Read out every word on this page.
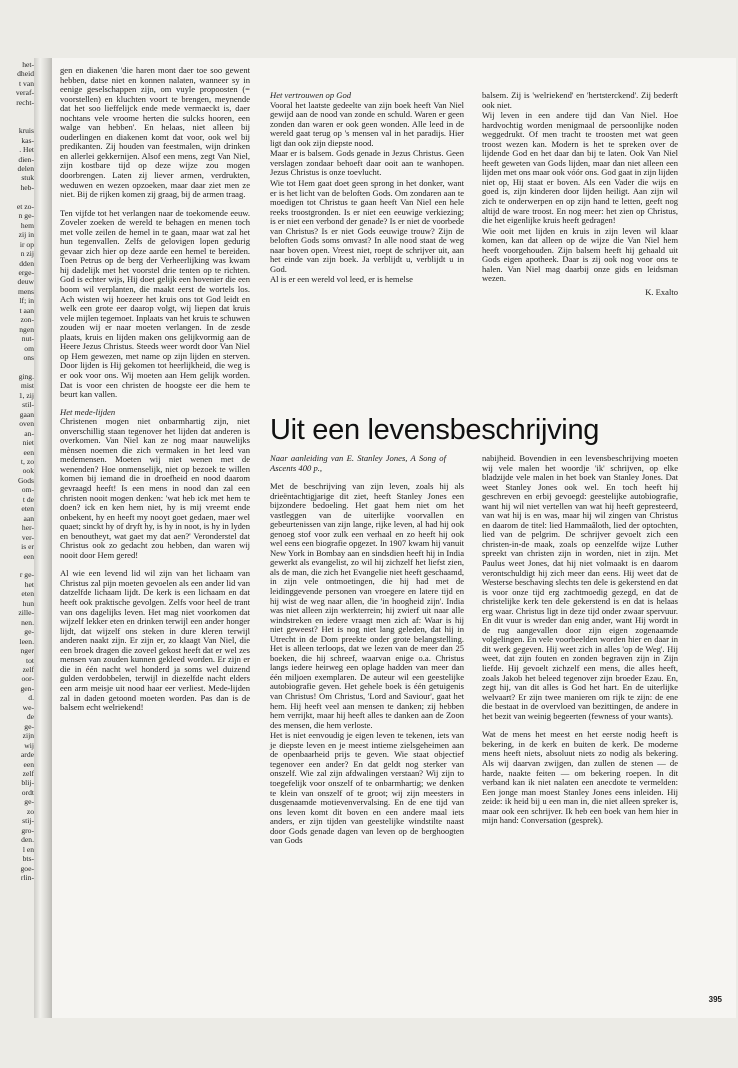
het-
dheid
t van
veraf-
recht-

kruis
kas-
. Het
dien-
delen
stuk
heb-

et zo-
n ge-
hem
zij in
ir op
n zij
dden
erge-
deuw
mens
lf; in
t aan
zon-
ngen
nut-
om
ons

ging.
mist
1, zij
stil-
gaan
oven
an-
niet
een
t, zo
ook
Gods
om-
t de
eten
aan
her-
ver-
is er
een

r ge-
het
eten
hun
zille-
nen.
ge-
leen.
nger
tot
zelf
oor-
gen-
d.
we-
de
ge-
zijn
wij
arde
een
zelf
blij-
ordt
ge-
zo
stij-
gro-
den.
l en
bts-
goe-
rlin-

gen en diakenen 'die haren mont daer toe soo gewent hebben, datse niet en konnen nalaten, wanneer sy in eenige geselschappen zijn, om vuyle propoosten (= voorstellen) en kluchten voort te brengen, meynende dat het soo lieffelijck ende mede vermaeckt is, daer nochtans vele vroome herten die sulcks hooren, een walge van hebben'. En helaas, niet alleen bij ouderlingen en diakenen komt dat voor, ook wel bij predikanten. Zij houden van feestmalen, wijn drinken en allerlei gekkernijen. Alsof een mens, zegt Van Niel, zijn kostbare tijd op deze wijze zou mogen doorbrengen. Laten zij liever armen, verdrukten, weduwen en wezen opzoeken, maar daar ziet men ze niet. Bij de rijken komen zij graag, bij de armen traag.

Ten vijfde tot het verlangen naar de toekomende eeuw. Zoveler zoeken de wereld te behagen en menen toch met volle zeilen de hemel in te gaan, maar wat zal het hun tegenvallen. Zelfs de gelovigen lopen gedurig gevaar zich hier op deze aarde een hemel te bereiden. Toen Petrus op de berg der Verheerlijking was kwam hij dadelijk met het voorstel drie tenten op te richten. God is echter wijs, Hij doet gelijk een hovenier die een boom wil verplanten, die maakt eerst de wortels los. Ach wisten wij hoezeer het kruis ons tot God leidt en welk een grote eer daarop volgt, wij liepen dat kruis vele mijlen tegemoet. Inplaats van het kruis te schuwen zouden wij er naar moeten verlangen. In de zesde plaats, kruis en lijden maken ons gelijkvormig aan de Heere Jezus Christus. Steeds weer wordt door Van Niel op Hem gewezen, met name op zijn lijden en sterven. Door lijden is Hij gekomen tot heerlijkheid, die weg is er ook voor ons. Wij moeten aan Hem gelijk worden. Dat is voor een christen de hoogste eer die hem te beurt kan vallen.

Het mede-lijden

Christenen mogen niet onbarmhartig zijn, niet onverschillig staan tegenover het lijden dat anderen is overkomen. Van Niel kan ze nog maar nauwelijks mènsen noemen die zich vermaken in het leed van medemensen. Moeten wij niet wenen met de wenenden? Hoe onmenselijk, niet op bezoek te willen komen bij iemand die in droefheid en nood daarom gevraagd heeft! Is een mens in nood dan zal een christen nooit mogen denken: 'wat heb ick met hem te doen? ick en ken hem niet, hy is mij vreemt ende onbekent, hy en heeft my nooyt goet gedaen, maer wel quaet; sinckt hy of dryft hy, is hy in noot, is hy in lyden en benoutheyt, wat gaet my dat aen?' Veronderstel dat Christus ook zo gedacht zou hebben, dan waren wij nooit door Hem gered!

Al wie een levend lid wil zijn van het lichaam van Christus zal pijn moeten gevoelen als een ander lid van datzelfde lichaam lijdt. De kerk is een lichaam en dat heeft ook praktische gevolgen. Zelfs voor heel de trant van ons dagelijks leven. Het mag niet voorkomen dat wijzelf lekker eten en drinken terwijl een ander honger lijdt, dat wijzelf ons steken in dure kleren terwijl anderen naakt zijn. Er zijn er, zo klaagt Van Niel, die een broek dragen die zoveel gekost heeft dat er wel zes mensen van zouden kunnen gekleed worden. Er zijn er die in één nacht wel honderd ja soms wel duizend gulden verdobbelen, terwijl in diezelfde nacht elders een arm meisje uit nood haar eer verliest. Mede-lijden zal in daden getoond moeten worden. Pas dan is de balsem echt welriekend!

Het vertrouwen op God

Vooral het laatste gedeelte van zijn boek heeft Van Niel gewijd aan de nood van zonde en schuld. Waren er geen zonden dan waren er ook geen wonden. Alle leed in de wereld gaat terug op 's mensen val in het paradijs. Hier ligt dan ook zijn diepste nood.

Maar er is balsem. Gods genade in Jezus Christus. Geen verslagen zondaar behoeft daar ooit aan te wanhopen. Jezus Christus is onze toevlucht.

Wie tot Hem gaat doet geen sprong in het donker, want er is het licht van de beloften Gods. Om zondaren aan te moedigen tot Christus te gaan heeft Van Niel een hele reeks troostgronden. Is er niet een eeuwige verkiezing; is er niet een verbond der genade? Is er niet de voorbede van Christus? Is er niet Gods eeuwige trouw? Zijn de beloften Gods soms omvast? In alle nood staat de weg naar boven open. Vreest niet, roept de schrijver uit, aan het einde van zijn boek. Ja verblijdt u, verblijdt u in God.

Al is er een wereld vol leed, er is hemelse

balsem. Zij is 'welriekend' en 'hertsterckend'. Zij bederft ook niet.

Wij leven in een andere tijd dan Van Niel. Hoe hardvochtig worden menigmaal de persoonlijke noden weggedrukt. Of men tracht te troosten met wat geen troost wezen kan. Modern is het te spreken over de lijdende God en het daar dan bij te laten. Ook Van Niel heeft geweten van Gods lijden, maar dan niet alleen een lijden met ons maar ook vóór ons. God gaat in zijn lijden niet op, Hij staat er boven. Als een Vader die wijs en goed is, zijn kinderen door lijden heiligt. Aan zijn wil zich te onderwerpen en op zijn hand te letten, geeft nog altijd de ware troost. En nog meer: het zien op Christus, die het eigenlijke kruis heeft gedragen!

Wie ooit met lijden en kruis in zijn leven wil klaar komen, kan dat alleen op de wijze die Van Niel hem heeft voorgehouden. Zijn balsem heeft hij gehaald uit Gods eigen apotheek. Daar is zij ook nog voor ons te halen. Van Niel mag daarbij onze gids en leidsman wezen.

K. Exalto

Uit een levensbeschrijving
Naar aanleiding van E. Stanley Jones, A Song of Ascents 400 p.,

Met de beschrijving van zijn leven, zoals hij als drieëntachtigjarige dit ziet, heeft Stanley Jones een bijzondere bedoeling. Het gaat hem niet om het vastleggen van de uiterlijke voorvallen en gebeurtenissen van zijn lange, rijke leven, al had hij ook genoeg stof voor zulk een verhaal en zo heeft hij ook wel eens een biografie opgezet. In 1907 kwam hij vanuit New York in Bombay aan en sindsdien heeft hij in India gewerkt als evangelist, zo wil hij zichzelf het liefst zien, als de man, die zich het Evangelie niet heeft geschaamd, in zijn vele ontmoetingen, die hij had met de leidinggevende personen van vroegere en latere tijd en hij wist de weg naar allen, die 'in hoogheid zijn'. India was niet alleen zijn werkterrein; hij zwierf uit naar alle windstreken en iedere vraagt men zich af: Waar is hij niet geweest? Het is nog niet lang geleden, dat hij in Utrecht in de Dom preekte onder grote belangstelling. Het is alleen terloops, dat we lezen van de meer dan 25 boeken, die hij schreef, waarvan enige o.a. Christus langs iedere heirweg een oplage hadden van meer dan één miljoen exemplaren. De auteur wil een geestelijke autobiografie geven. Het gehele boek is één getuigenis van Christus! Om Christus, 'Lord and Saviour', gaat het hem. Hij heeft veel aan mensen te danken; zij hebben hem verrijkt, maar hij heeft alles te danken aan de Zoon des mensen, die hem verloste.

Het is niet eenvoudig je eigen leven te tekenen, iets van je diepste leven en je meest intieme zielsgeheimen aan de openbaarheid prijs te geven. Wie staat objectief tegenover een ander? En dat geldt nog sterker van onszelf. Wie zal zijn afdwalingen verstaan? Wij zijn to toegefelijk voor onszelf of te onbarmhartig; we denken te klein van onszelf of te groot; wij zijn meesters in dusgenaamde motievenvervalsing. En de ene tijd van ons leven komt dit boven en een andere maal iets anders, er zijn tijden van geestelijke windstilte naast door Gods genade dagen van leven op de berghoogten van Gods

nabijheid. Bovendien in een levensbeschrijving moeten wij vele malen het woordje 'ik' schrijven, op elke bladzijde vele malen in het boek van Stanley Jones. Dat weet Stanley Jones ook wel. En toch heeft hij geschreven en erbij gevoegd: geestelijke autobiografie, want hij wil niet vertellen van wat hij heeft gepresteerd, van wat hij is en was, maar hij wil zingen van Christus en daarom de titel: lied Hammaâloth, lied der optochten, lied van de pelgrim. De schrijver gevoelt zich een christen-in-de maak, zoals op eenzelfde wijze Luther spreekt van christen zijn in worden, niet in zijn. Met Paulus weet Jones, dat hij niet volmaakt is en daarom verontschuldigt hij zich meer dan eens. Hij weet dat de Westerse beschaving slechts ten dele is gekerstend en dat is voor onze tijd erg zachtmoedig gezegd, en dat de christelijke kerk ten dele gekerstend is en dat is helaas erg waar. Christus ligt in deze tijd onder zwaar spervuur. En dit vuur is wreder dan enig ander, want Hij wordt in de rug aangevallen door zijn eigen zogenaamde volgelingen. En vele voorbeelden worden hier en daar in dit werk gegeven. Hij weet zich in alles 'op de Weg'. Hij weet, dat zijn fouten en zonden begraven zijn in Zijn liefde. Hij gevoelt zichzelf een mens, die alles heeft, zoals Jakob het beleed tegenover zijn broeder Ezau. En, zegt hij, van dit alles is God het hart. En de uiterlijke welvaart? Er zijn twee manieren om rijk te zijn: de ene die bestaat in de overvloed van bezittingen, de andere in het bezit van weinig begeerten (fewness of your wants).

Wat de mens het meest en het eerste nodig heeft is bekering, in de kerk en buiten de kerk. De moderne mens heeft niets, absoluut niets zo nodig als bekering. Als wij daarvan zwijgen, dan zullen de stenen — de harde, naakte feiten — om bekering roepen. In dit verband kan ik niet nalaten een anecdote te vermelden: Een jonge man moest Stanley Jones eens inleiden. Hij zeide: ik heid bij u een man in, die niet alleen spreker is, maar ook een schrijver. Ik heb een boek van hem hier in mijn hand: Conversation (gesprek).

395
